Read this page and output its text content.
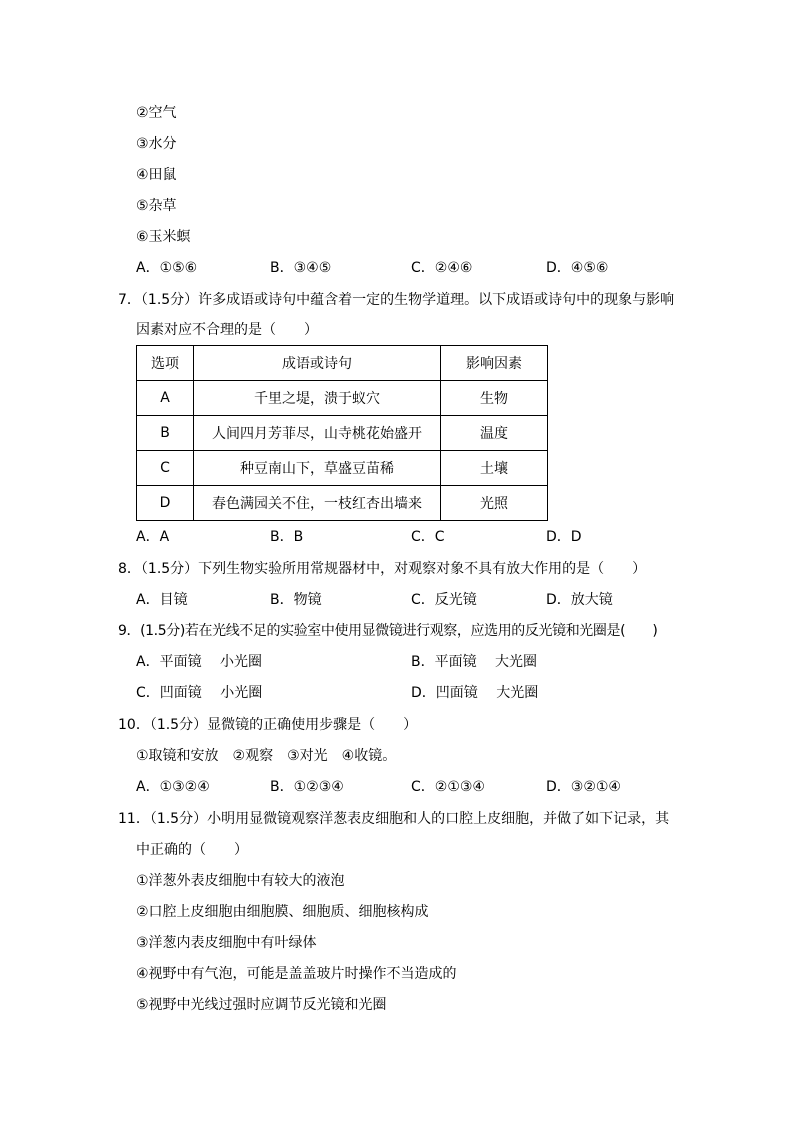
②空气
③水分
④田鼠
⑤杂草
⑥玉米螟
A．①⑤⑥	B．③④⑤	C．②④⑥	D．④⑤⑥
7．（1.5分）许多成语或诗句中蕴含着一定的生物学道理。以下成语或诗句中的现象与影响
因素对应不合理的是（　　）
选项	成语或诗句	影响因素
A	千里之堤，溃于蚁穴	生物
B	人间四月芳菲尽，山寺桃花始盛开	温度
C	种豆南山下，草盛豆苗稀	土壤
D	春色满园关不住，一枝红杏出墙来	光照
A．A	B．B	C．C	D．D
8．（1.5分）下列生物实验所用常规器材中，对观察对象不具有放大作用的是（　　）
A．目镜	B．物镜	C．反光镜	D．放大镜
9．(1.5分)若在光线不足的实验室中使用显微镜进行观察，应选用的反光镜和光圈是(　　)
A．平面镜　 小光圈	B．平面镜　 大光圈
C．凹面镜　 小光圈	D．凹面镜　 大光圈
10．（1.5分）显微镜的正确使用步骤是（　　）
①取镜和安放　②观察　③对光　④收镜。
A．①③②④	B．①②③④	C．②①③④	D．③②①④
11．（1.5分）小明用显微镜观察洋葱表皮细胞和人的口腔上皮细胞，并做了如下记录，其
中正确的（　　）
①洋葱外表皮细胞中有较大的液泡
②口腔上皮细胞由细胞膜、细胞质、细胞核构成
③洋葱内表皮细胞中有叶绿体
④视野中有气泡，可能是盖盖玻片时操作不当造成的
⑤视野中光线过强时应调节反光镜和光圈
